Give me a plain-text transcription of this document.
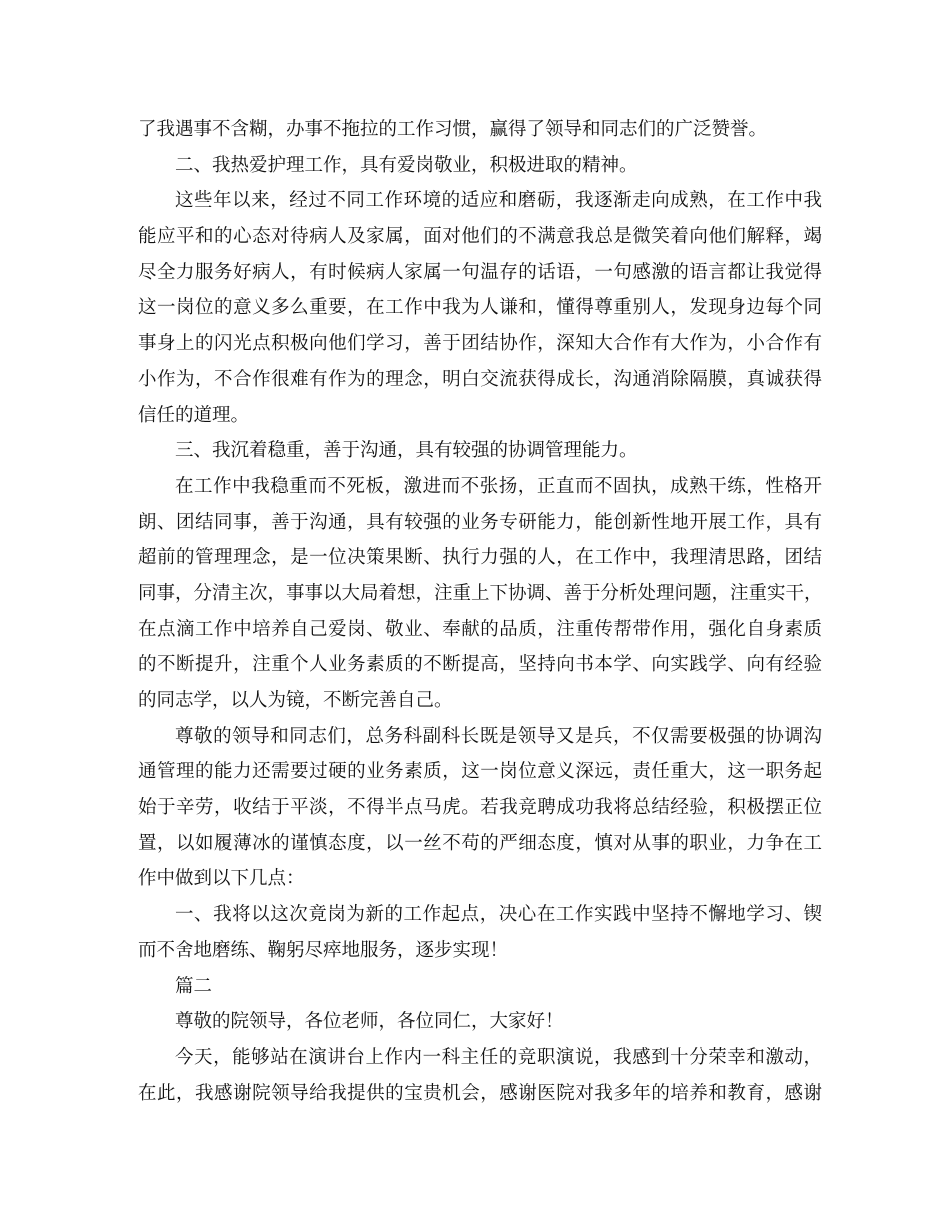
了我遇事不含糊，办事不拖拉的工作习惯，赢得了领导和同志们的广泛赞誉。
二、我热爱护理工作，具有爱岗敬业，积极进取的精神。
这些年以来，经过不同工作环境的适应和磨砺，我逐渐走向成熟，在工作中我
能应平和的心态对待病人及家属，面对他们的不满意我总是微笑着向他们解释，竭
尽全力服务好病人，有时候病人家属一句温存的话语，一句感激的语言都让我觉得
这一岗位的意义多么重要，在工作中我为人谦和，懂得尊重别人，发现身边每个同
事身上的闪光点积极向他们学习，善于团结协作，深知大合作有大作为，小合作有
小作为，不合作很难有作为的理念，明白交流获得成长，沟通消除隔膜，真诚获得
信任的道理。
三、我沉着稳重，善于沟通，具有较强的协调管理能力。
在工作中我稳重而不死板，激进而不张扬，正直而不固执，成熟干练，性格开
朗、团结同事，善于沟通，具有较强的业务专研能力，能创新性地开展工作，具有
超前的管理理念，是一位决策果断、执行力强的人，在工作中，我理清思路，团结
同事，分清主次，事事以大局着想，注重上下协调、善于分析处理问题，注重实干，
在点滴工作中培养自己爱岗、敬业、奉献的品质，注重传帮带作用，强化自身素质
的不断提升，注重个人业务素质的不断提高，坚持向书本学、向实践学、向有经验
的同志学，以人为镜，不断完善自己。
尊敬的领导和同志们，总务科副科长既是领导又是兵，不仅需要极强的协调沟
通管理的能力还需要过硬的业务素质，这一岗位意义深远，责任重大，这一职务起
始于辛劳，收结于平淡，不得半点马虎。若我竞聘成功我将总结经验，积极摆正位
置，以如履薄冰的谨慎态度，以一丝不苟的严细态度，慎对从事的职业，力争在工
作中做到以下几点：
一、我将以这次竟岗为新的工作起点，决心在工作实践中坚持不懈地学习、锲
而不舍地磨练、鞠躬尽瘁地服务，逐步实现！
篇二
尊敬的院领导，各位老师，各位同仁，大家好！
今天，能够站在演讲台上作内一科主任的竞职演说，我感到十分荣幸和激动，
在此，我感谢院领导给我提供的宝贵机会，感谢医院对我多年的培养和教育，感谢
